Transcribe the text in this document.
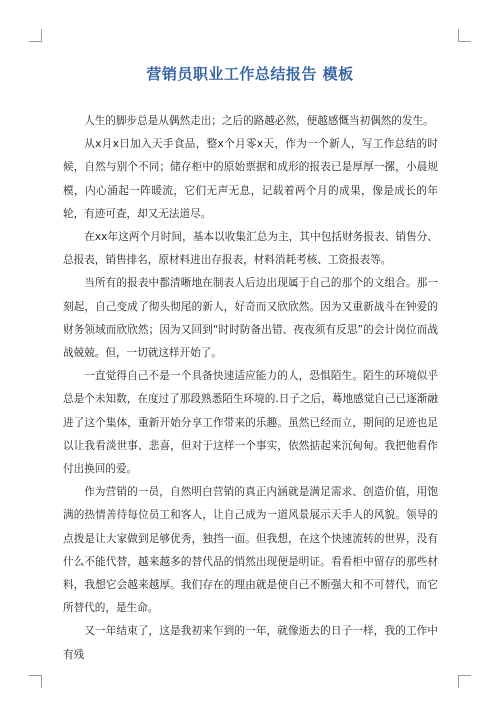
营销员职业工作总结报告 模板

人生的脚步总是从偶然走出；之后的路越必然，便越感慨当初偶然的发生。

从x月x日加入天手食品，整x个月零x天，作为一个新人，写工作总结的时候，自然与别个不同；储存柜中的原始票据和成形的报表已是厚厚一摞，小晨规模，内心涌起一阵暖流，它们无声无息，记载着两个月的成果，像是成长的年轮，有迹可查，却又无法道尽。

在xx年这两个月时间，基本以收集汇总为主，其中包括财务报表、销售分、总报表，销售排名，原材料进出存报表，材料消耗考核、工资报表等。

当所有的报表中都清晰地在制表人后边出现属于自己的那个的文组合。那一刻起，自己变成了彻头彻尾的新人，好奇而又欣欣然。因为又重新战斗在钟爱的财务领域而欣欣然；因为又回到“时时防备出错、夜夜须有反思”的会计岗位而战战兢兢。但，一切就这样开始了。

一直觉得自己不是一个具备快速适应能力的人，恐惧陌生。陌生的环境似乎总是个未知数，在度过了那段熟悉陌生环境的.日子之后，蓦地感觉自己已逐渐融进了这个集体，重新开始分享工作带来的乐趣。虽然已经而立，期间的足迹也足以让我看淡世事、悲喜，但对于这样一个事实，依然掂起来沉甸甸。我把他看作付出换回的爱。

作为营销的一员，自然明白营销的真正内涵就是满足需求、创造价值，用饱满的热情善待每位员工和客人，让自己成为一道风景展示天手人的风貌。领导的点拨是让大家做到足够优秀，独挡一面。但我想，在这个快速流转的世界，没有什么不能代替，越来越多的替代品的悄然出现便是明证。看看柜中留存的那些材料，我想它会越来越厚。我们存在的理由就是使自己不断强大和不可替代，而它所替代的，是生命。

又一年结束了，这是我初来乍到的一年，就像逝去的日子一样，我的工作中有残
